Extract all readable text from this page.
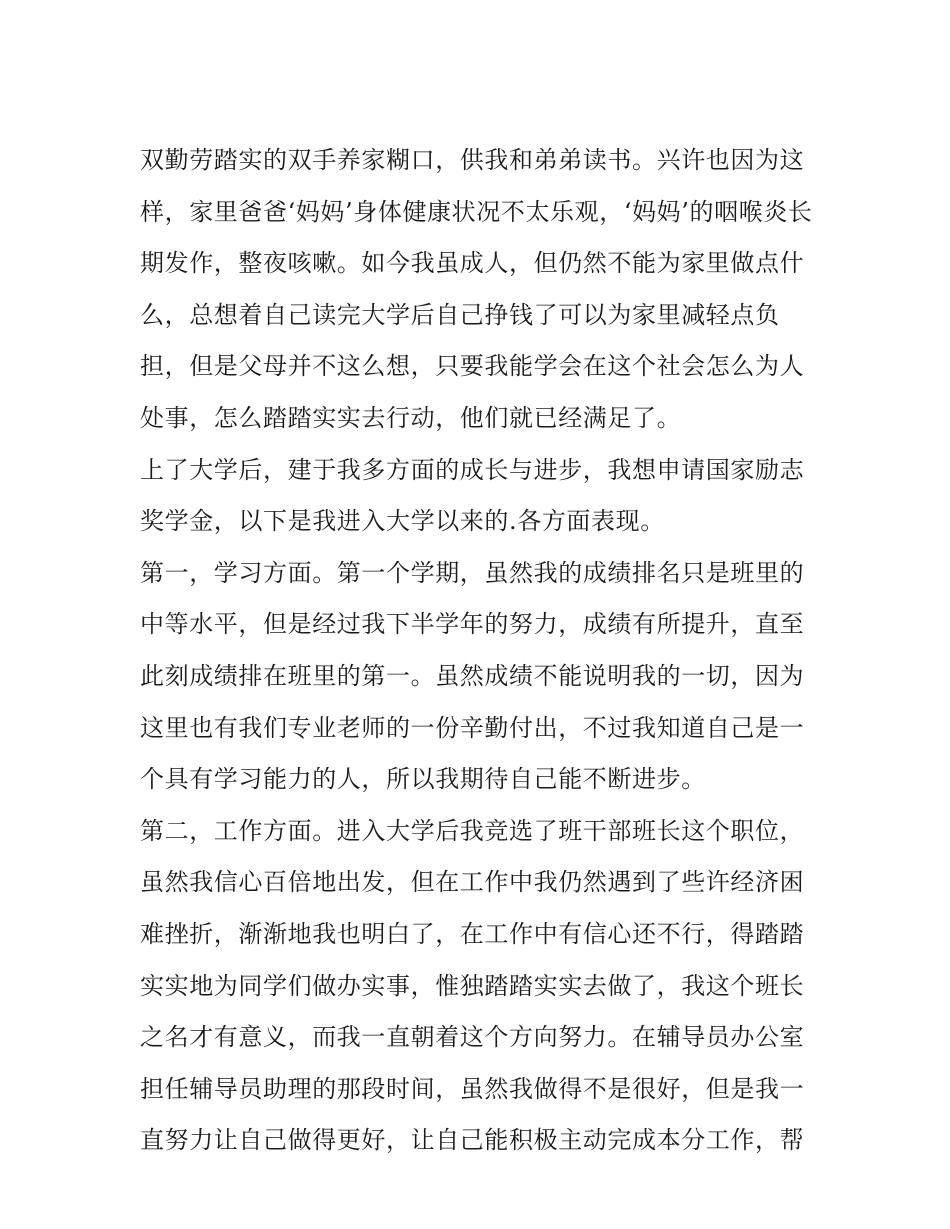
双勤劳踏实的双手养家糊口，供我和弟弟读书。兴许也因为这
样，家里爸爸‘妈妈’身体健康状况不太乐观，‘妈妈’的咽喉炎长
期发作，整夜咳嗽。如今我虽成人，但仍然不能为家里做点什
么，总想着自己读完大学后自己挣钱了可以为家里减轻点负
担，但是父母并不这么想，只要我能学会在这个社会怎么为人
处事，怎么踏踏实实去行动，他们就已经满足了。
上了大学后，建于我多方面的成长与进步，我想申请国家励志
奖学金，以下是我进入大学以来的.各方面表现。
第一，学习方面。第一个学期，虽然我的成绩排名只是班里的
中等水平，但是经过我下半学年的努力，成绩有所提升，直至
此刻成绩排在班里的第一。虽然成绩不能说明我的一切，因为
这里也有我们专业老师的一份辛勤付出，不过我知道自己是一
个具有学习能力的人，所以我期待自己能不断进步。
第二，工作方面。进入大学后我竞选了班干部班长这个职位，
虽然我信心百倍地出发，但在工作中我仍然遇到了些许经济困
难挫折，渐渐地我也明白了，在工作中有信心还不行，得踏踏
实实地为同学们做办实事，惟独踏踏实实去做了，我这个班长
之名才有意义，而我一直朝着这个方向努力。在辅导员办公室
担任辅导员助理的那段时间，虽然我做得不是很好，但是我一
直努力让自己做得更好，让自己能积极主动完成本分工作，帮
